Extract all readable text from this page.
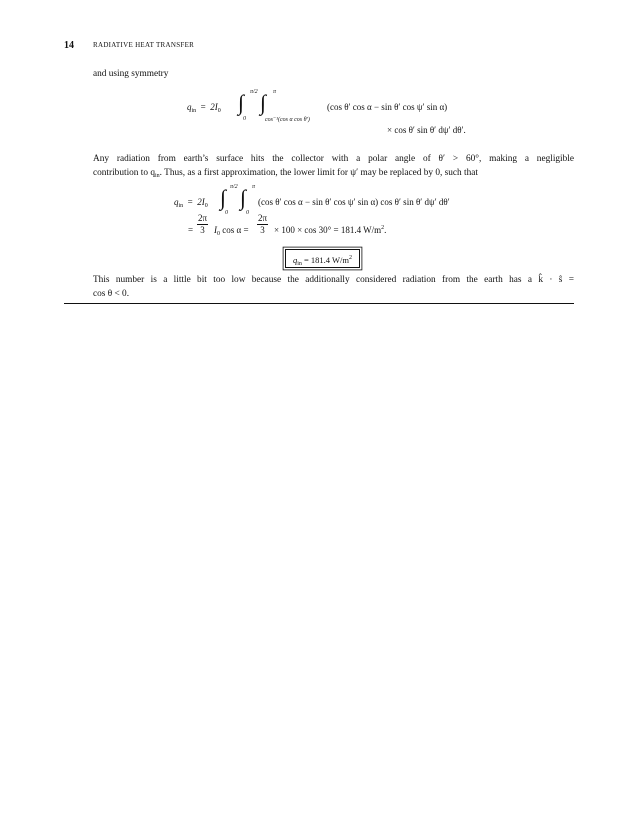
14	RADIATIVE HEAT TRANSFER
and using symmetry
$q_{in} = 2I_0$ ∫ π/2
0
∫ π
cos⁻¹(cos α cos θ′)
(cos θ′ cos α − sin θ′ cos ψ′ sin α)
× cos θ′ sin θ′ dψ′ dθ′.
Any radiation from earth’s surface hits the collector with a polar angle of θ′ > 60°, making a negligible
contribution to $q_{in}$. Thus, as a first approximation, the lower limit for ψ′ may be replaced by 0, such that
$q_{in} = 2I_0$ ∫ π/2
0
∫ π
0
(cos θ′ cos α − sin θ′ cos ψ′ sin α) cos θ′ sin θ′ dψ′ dθ′
= $\frac{2\pi}{3} I_0$ $\cos \alpha = \frac{2\pi}{3} \times 100 \times \cos 30^\circ = 181.4$ $W/m^2$.
$q_{in} = 181.4$ $W/m^2$
This number is a little bit too low because the additionally considered radiation from the earth has a k̂ · ŝ =
cos θ < 0.
